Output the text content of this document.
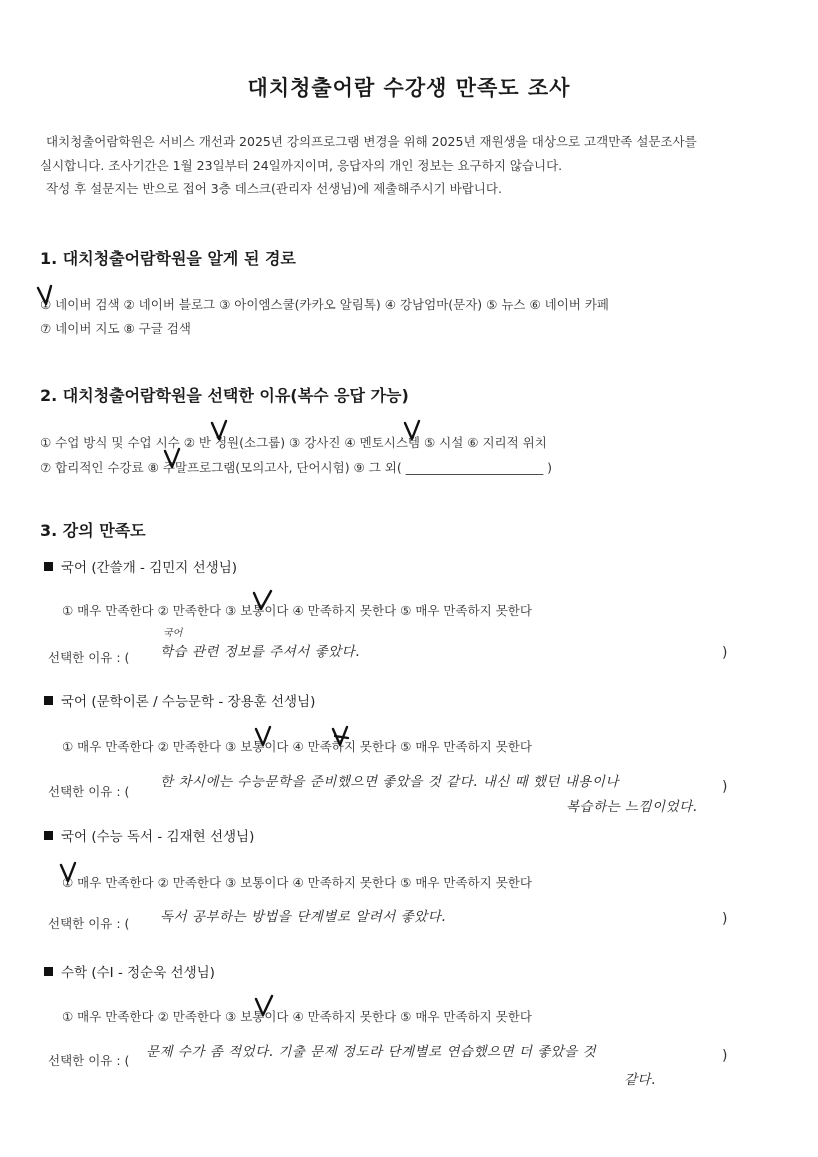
대치청출어람 수강생 만족도 조사
대치청출어람학원은 서비스 개선과 2025년 강의프로그램 변경을 위해 2025년 재원생을 대상으로 고객만족 설문조사를
실시합니다. 조사기간은 1월 23일부터 24일까지이며, 응답자의 개인 정보는 요구하지 않습니다.
작성 후 설문지는 반으로 접어 3층 데스크(관리자 선생님)에 제출해주시기 바랍니다.
1. 대치청출어람학원을 알게 된 경로
① 네이버 검색 ② 네이버 블로그 ③ 아이엠스쿨(카카오 알림톡) ④ 강남엄마(문자) ⑤ 뉴스 ⑥ 네이버 카페
⑦ 네이버 지도 ⑧ 구글 검색
2. 대치청출어람학원을 선택한 이유(복수 응답 가능)
① 수업 방식 및 수업 시수 ② 반 정원(소그룹) ③ 강사진 ④ 멘토시스템 ⑤ 시설 ⑥ 지리적 위치
⑦ 합리적인 수강료 ⑧ 주말프로그램(모의고사, 단어시험) ⑨ 그 외( ______________________ )
3. 강의 만족도
국어 (간쓸개 - 김민지 선생님)
① 매우 만족한다 ② 만족한다 ③ 보통이다 ④ 만족하지 못한다 ⑤ 매우 만족하지 못한다
국어
선택한 이유 : ( 학습 관련 정보를 주셔서 좋았다.	)
국어 (문학이론 / 수능문학 - 장용훈 선생님)
① 매우 만족한다 ② 만족한다 ③ 보통이다 ④ 만족하지 못한다 ⑤ 매우 만족하지 못한다
선택한 이유 : (
한 차시에는 수능문학을 준비했으면 좋았을 것 같다. 내신 때 했던 내용이나
복습하는 느낌이었다.
)
국어 (수능 독서 - 김재현 선생님)
① 매우 만족한다 ② 만족한다 ③ 보통이다 ④ 만족하지 못한다 ⑤ 매우 만족하지 못한다
선택한 이유 : ( 독서 공부하는 방법을 단계별로 알려서 좋았다.	)
수학 (수Ⅰ - 정순욱 선생님)
① 매우 만족한다 ② 만족한다 ③ 보통이다 ④ 만족하지 못한다 ⑤ 매우 만족하지 못한다
선택한 이유 : (
문제 수가 좀 적었다. 기출 문제 정도라 단계별로 연습했으면 더 좋았을 것
같다.
)
